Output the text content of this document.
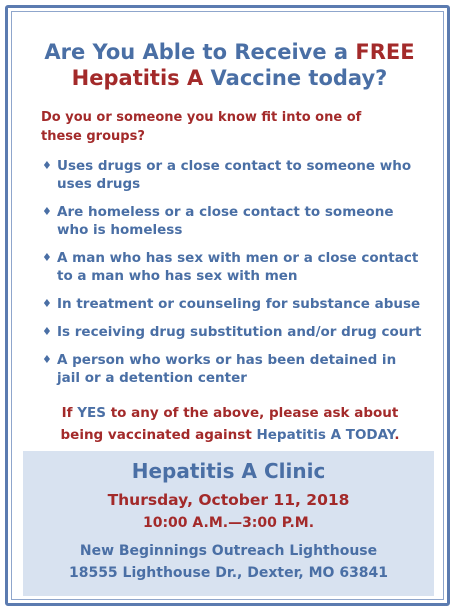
Are You Able to Receive a FREE
Hepatitis A Vaccine today?
Do you or someone you know fit into one of these groups?
♦ Uses drugs or a close contact to someone who uses drugs
♦ Are homeless or a close contact to someone who is homeless
♦ A man who has sex with men or a close contact to a man who has sex with men
♦ In treatment or counseling for substance abuse
♦ Is receiving drug substitution and/or drug court
♦ A person who works or has been detained in jail or a detention center
If YES to any of the above, please ask about being vaccinated against Hepatitis A TODAY.
Hepatitis A Clinic
Thursday, October 11, 2018
10:00 A.M.—3:00 P.M.
New Beginnings Outreach Lighthouse
18555 Lighthouse Dr., Dexter, MO 63841
